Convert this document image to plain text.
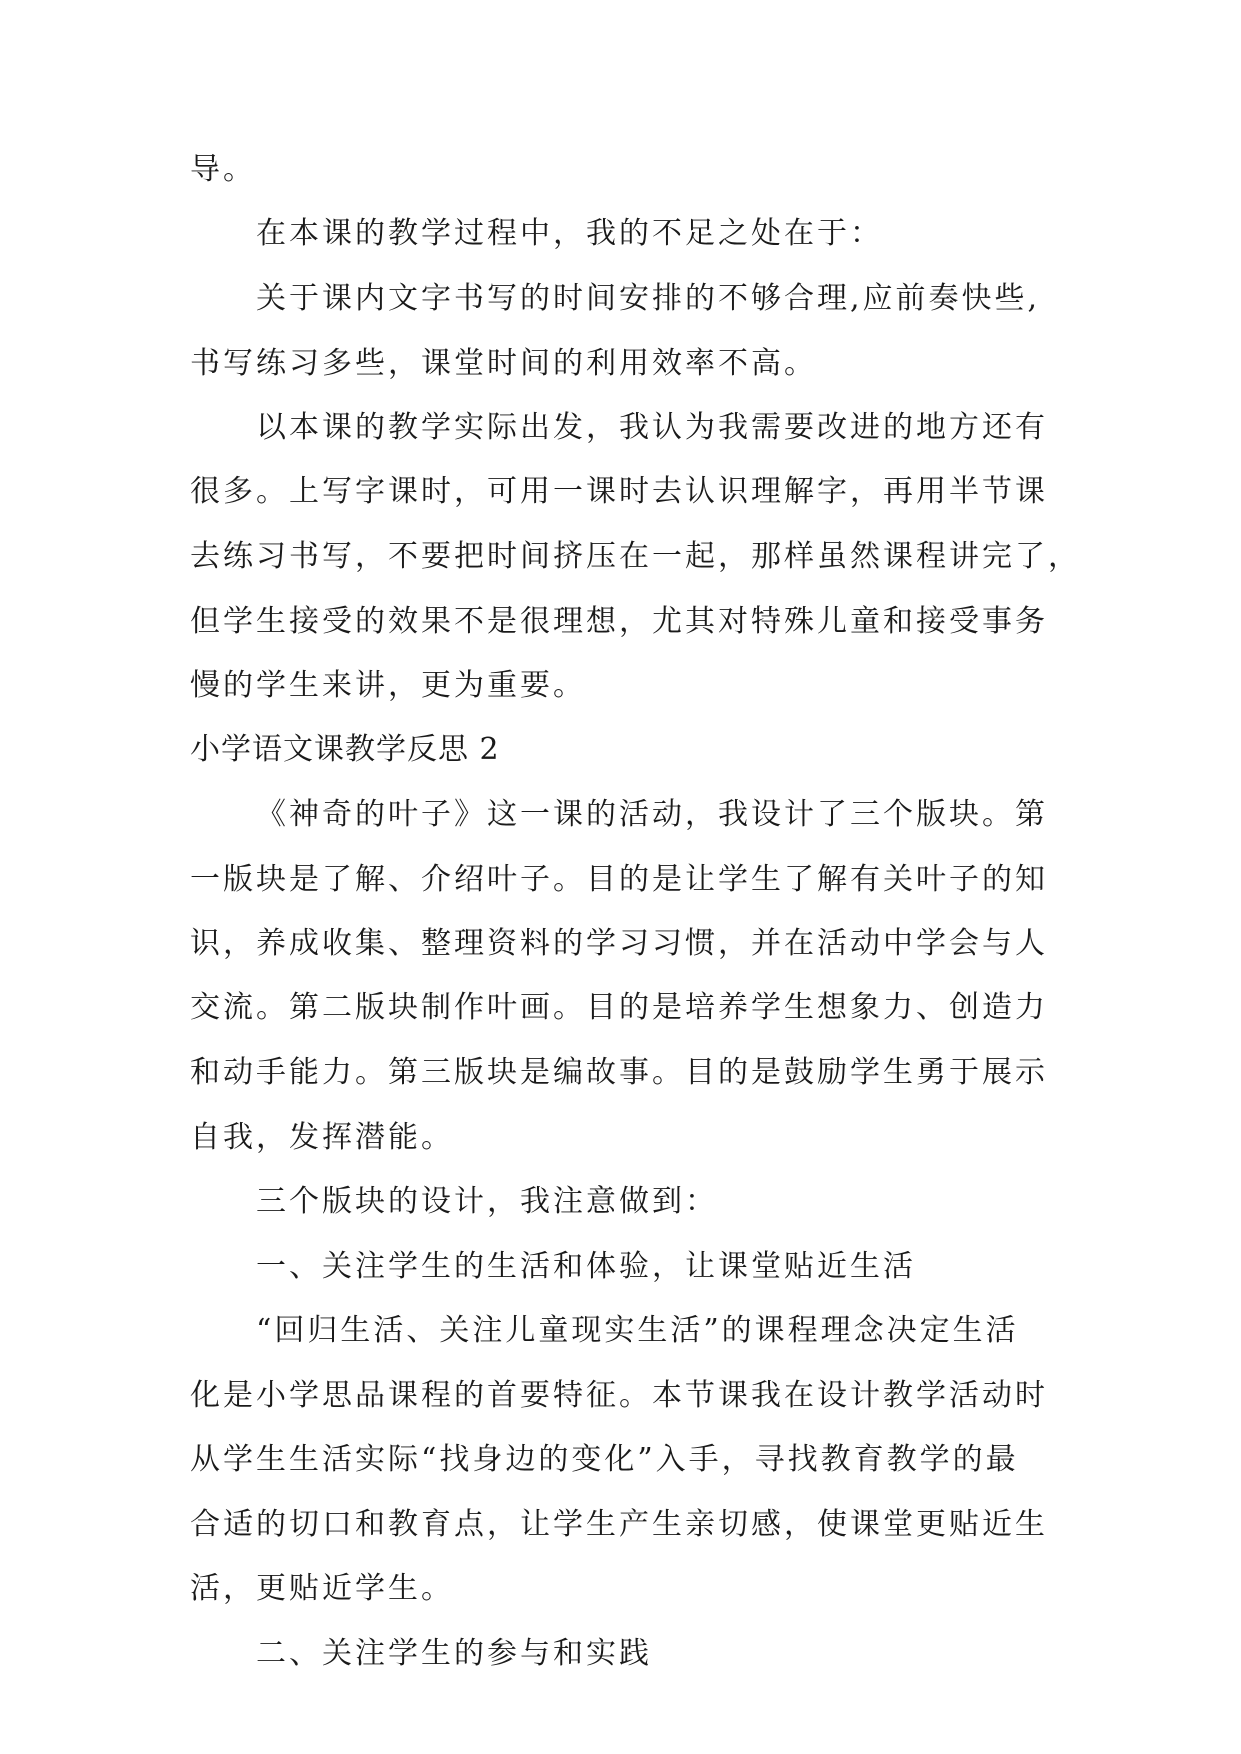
导。
在本课的教学过程中，我的不足之处在于：
关于课内文字书写的时间安排的不够合理,应前奏快些,
书写练习多些，课堂时间的利用效率不高。
以本课的教学实际出发，我认为我需要改进的地方还有
很多。上写字课时，可用一课时去认识理解字，再用半节课
去练习书写，不要把时间挤压在一起，那样虽然课程讲完了，
但学生接受的效果不是很理想，尤其对特殊儿童和接受事务
慢的学生来讲，更为重要。
小学语文课教学反思 2
《神奇的叶子》这一课的活动，我设计了三个版块。第
一版块是了解、介绍叶子。目的是让学生了解有关叶子的知
识，养成收集、整理资料的学习习惯，并在活动中学会与人
交流。第二版块制作叶画。目的是培养学生想象力、创造力
和动手能力。第三版块是编故事。目的是鼓励学生勇于展示
自我，发挥潜能。
三个版块的设计，我注意做到：
一、关注学生的生活和体验，让课堂贴近生活
“回归生活、关注儿童现实生活”的课程理念决定生活
化是小学思品课程的首要特征。本节课我在设计教学活动时
从学生生活实际“找身边的变化”入手，寻找教育教学的最
合适的切口和教育点，让学生产生亲切感，使课堂更贴近生
活，更贴近学生。
二、关注学生的参与和实践
